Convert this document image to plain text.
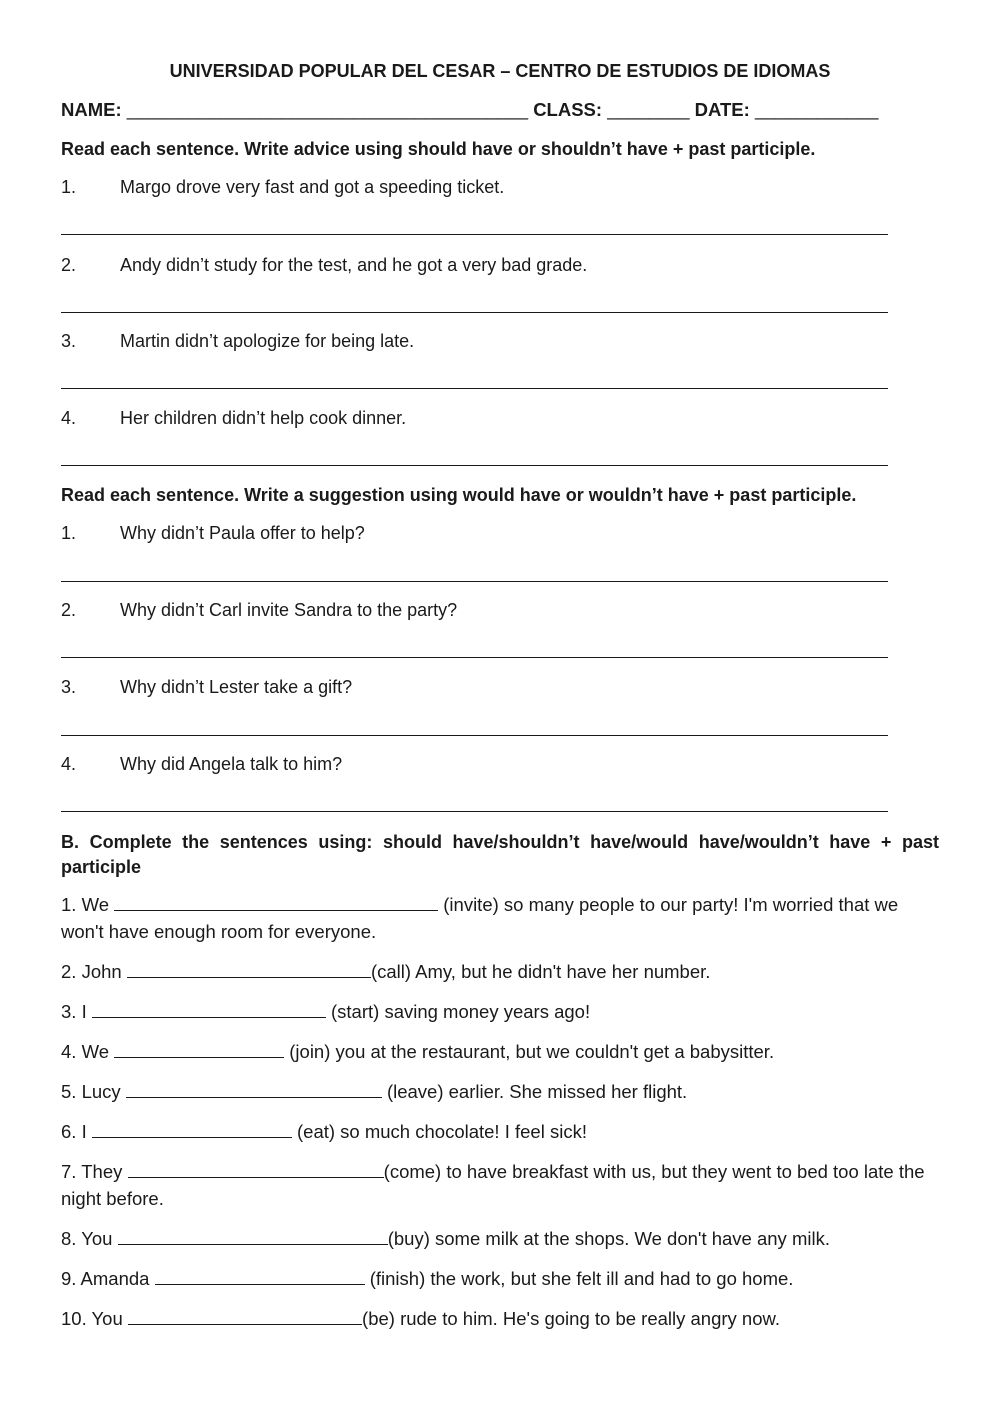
UNIVERSIDAD POPULAR DEL CESAR – CENTRO DE ESTUDIOS DE IDIOMAS
NAME: _______________________________________ CLASS: ________ DATE: ____________
Read each sentence. Write advice using should have or shouldn’t have + past participle.
1. Margo drove very fast and got a speeding ticket.
2. Andy didn’t study for the test, and he got a very bad grade.
3. Martin didn’t apologize for being late.
4. Her children didn’t help cook dinner.
Read each sentence. Write a suggestion using would have or wouldn’t have + past participle.
1. Why didn’t Paula offer to help?
2. Why didn’t Carl invite Sandra to the party?
3. Why didn’t Lester take a gift?
4. Why did Angela talk to him?
B. Complete the sentences using: should have/shouldn’t have/would have/wouldn’t have + past participle
1. We	(invite) so many people to our party! I'm worried that we won't have enough room for everyone.
2. John	(call) Amy, but he didn't have her number.
3. I	(start) saving money years ago!
4. We	(join) you at the restaurant, but we couldn't get a babysitter.
5. Lucy	(leave) earlier. She missed her flight.
6. I	(eat) so much chocolate! I feel sick!
7. They	(come) to have breakfast with us, but they went to bed too late the night before.
8. You	(buy) some milk at the shops. We don't have any milk.
9. Amanda	(finish) the work, but she felt ill and had to go home.
10. You	(be) rude to him. He's going to be really angry now.
